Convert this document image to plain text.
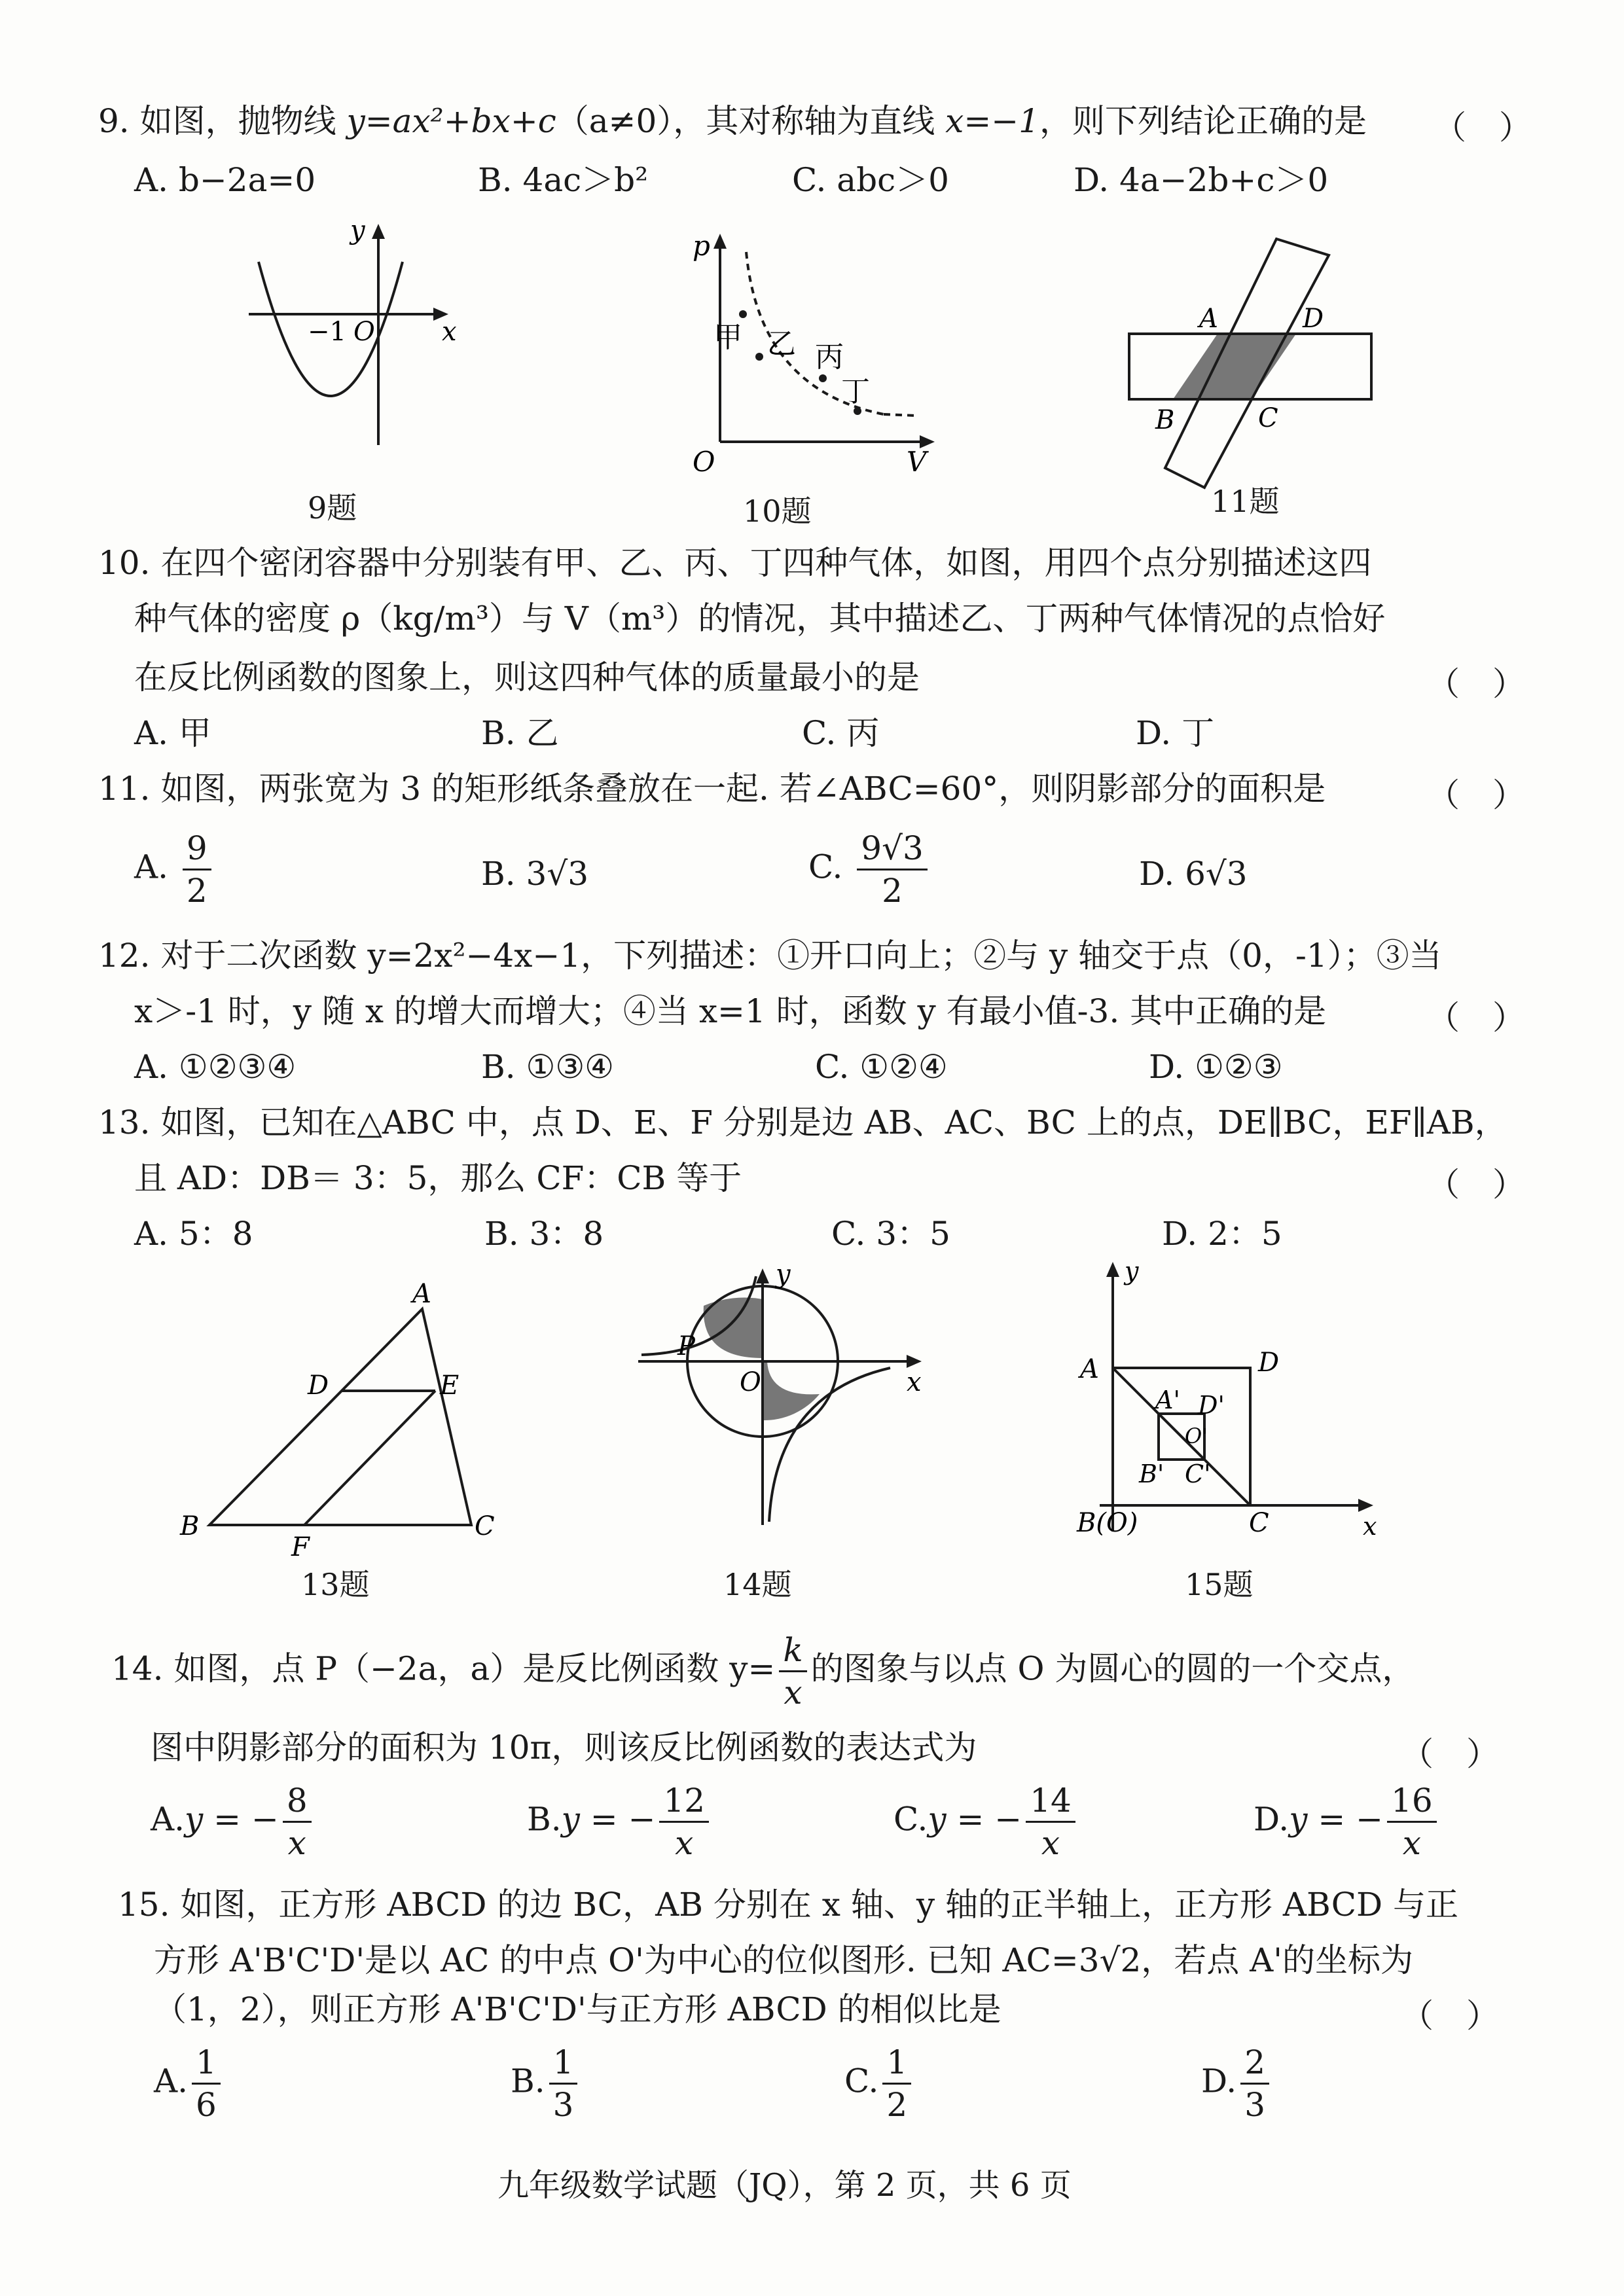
9. 如图，抛物线 y=ax²+bx+c（a≠0），其对称轴为直线 x=−1，则下列结论正确的是 （　）
A. b−2a=0	B. 4ac＞b²	C. abc＞0	D. 4a−2b+c＞0
y
x
−1 O
9题
p
V
O
甲 乙 丙
丁
10题
A	D
B	C
11题
10. 在四个密闭容器中分别装有甲、乙、丙、丁四种气体，如图，用四个点分别描述这四
种气体的密度 ρ（kg/m³）与 V（m³）的情况，其中描述乙、丁两种气体情况的点恰好
在反比例函数的图象上，则这四种气体的质量最小的是	（　）
A. 甲	B. 乙	C. 丙	D. 丁
11. 如图，两张宽为 3 的矩形纸条叠放在一起. 若∠ABC=60°，则阴影部分的面积是	（　）
A. $\frac{9}{2}$	B. 3√3	C. $\frac{9√3}{2}$	D. 6√3
12. 对于二次函数 y=2x²−4x−1，下列描述：①开口向上；②与 y 轴交于点（0，-1）；③当
x＞-1 时，y 随 x 的增大而增大；④当 x=1 时，函数 y 有最小值-3. 其中正确的是	（　）
A. ①②③④	B. ①③④	C. ①②④	D. ①②③
13. 如图，已知在△ABC 中，点 D、E、F 分别是边 AB、AC、BC 上的点，DE∥BC，EF∥AB，
且 AD：DB＝ 3：5，那么 CF：CB 等于	（　）
A. 5：8	B. 3：8	C. 3：5	D. 2：5
A
D	E
B
F
C
13题
P
O	x
y
14题
A	D
A' D'
O'
B' C'
B(O)	C	x
y
15题
14. 如图，点 P（−2a，a）是反比例函数 $y= \frac{k}{x}$ 的图象与以点 O 为圆心的圆的一个交点，
图中阴影部分的面积为 10π，则该反比例函数的表达式为	（　）
A.y = − $\frac{8}{x}$	B.y = − $\frac{12}{x}$	C.y = − $\frac{14}{x}$	D.y = − $\frac{16}{x}$
15. 如图，正方形 ABCD 的边 BC，AB 分别在 x 轴、y 轴的正半轴上，正方形 ABCD 与正
方形 A'B'C'D'是以 AC 的中点 O'为中心的位似图形. 已知 AC=3√2，若点 A'的坐标为
（1，2），则正方形 A'B'C'D'与正方形 ABCD 的相似比是	（　）
A. $\frac{1}{6}$	B. $\frac{1}{3}$	C. $\frac{1}{2}$	D. $\frac{2}{3}$
九年级数学试题（JQ），第 2 页，共 6 页
